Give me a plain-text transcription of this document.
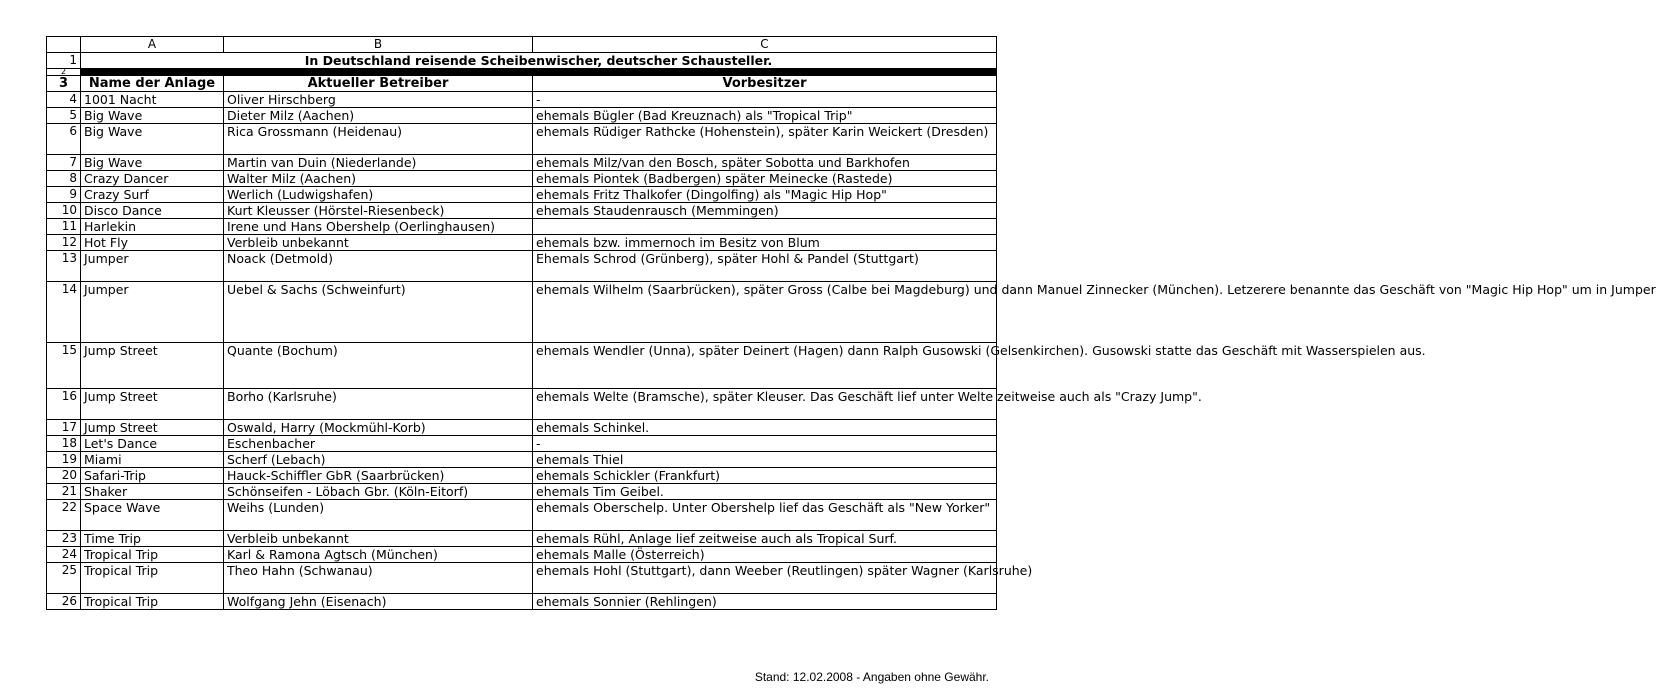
	A	B	C
1	In Deutschland reisende Scheibenwischer, deutscher Schausteller.		
2			
3	Name der Anlage	Aktueller Betreiber	Vorbesitzer
4	1001 Nacht	Oliver Hirschberg	-
5	Big Wave	Dieter Milz (Aachen)	ehemals Bügler (Bad Kreuznach) als "Tropical Trip"
6	Big Wave	Rica Grossmann (Heidenau)	ehemals Rüdiger Rathcke (Hohenstein), später Karin Weickert (Dresden)
7	Big Wave	Martin van Duin (Niederlande)	ehemals Milz/van den Bosch, später Sobotta und Barkhofen
8	Crazy Dancer	Walter Milz (Aachen)	ehemals Piontek (Badbergen) später Meinecke (Rastede)
9	Crazy Surf	Werlich (Ludwigshafen)	ehemals Fritz Thalkofer (Dingolfing) als "Magic Hip Hop"
10	Disco Dance	Kurt Kleusser (Hörstel-Riesenbeck)	ehemals Staudenrausch (Memmingen)
11	Harlekin	Irene und Hans Obershelp (Oerlinghausen)	
12	Hot Fly	Verbleib unbekannt	ehemals bzw. immernoch im Besitz von Blum
13	Jumper	Noack (Detmold)	Ehemals Schrod (Grünberg), später Hohl & Pandel (Stuttgart)
14	Jumper	Uebel & Sachs (Schweinfurt)	ehemals Wilhelm (Saarbrücken), später Gross (Calbe bei Magdeburg) und dann Manuel Zinnecker (München). Letzerere benannte das Geschäft von "Magic Hip Hop" um in Jumper
15	Jump Street	Quante (Bochum)	ehemals Wendler (Unna), später Deinert (Hagen) dann Ralph Gusowski (Gelsenkirchen). Gusowski statte das Geschäft mit Wasserspielen aus.
16	Jump Street	Borho (Karlsruhe)	ehemals Welte (Bramsche), später Kleuser. Das Geschäft lief unter Welte zeitweise auch als "Crazy Jump".
17	Jump Street	Oswald, Harry (Mockmühl-Korb)	ehemals Schinkel.
18	Let's Dance	Eschenbacher	-
19	Miami	Scherf (Lebach)	ehemals Thiel
20	Safari-Trip	Hauck-Schiffler GbR (Saarbrücken)	ehemals Schickler (Frankfurt)
21	Shaker	Schönseifen - Löbach Gbr. (Köln-Eitorf)	ehemals Tim Geibel.
22	Space Wave	Weihs (Lunden)	ehemals Oberschelp. Unter Obershelp lief das Geschäft als "New Yorker"
23	Time Trip	Verbleib unbekannt	ehemals Rühl, Anlage lief zeitweise auch als Tropical Surf.
24	Tropical Trip	Karl & Ramona Agtsch (München)	ehemals Malle (Österreich)
25	Tropical Trip	Theo Hahn (Schwanau)	ehemals Hohl (Stuttgart), dann Weeber (Reutlingen) später Wagner (Karlsruhe)
26	Tropical Trip	Wolfgang Jehn (Eisenach)	ehemals Sonnier (Rehlingen)
Stand: 12.02.2008 - Angaben ohne Gewähr.
